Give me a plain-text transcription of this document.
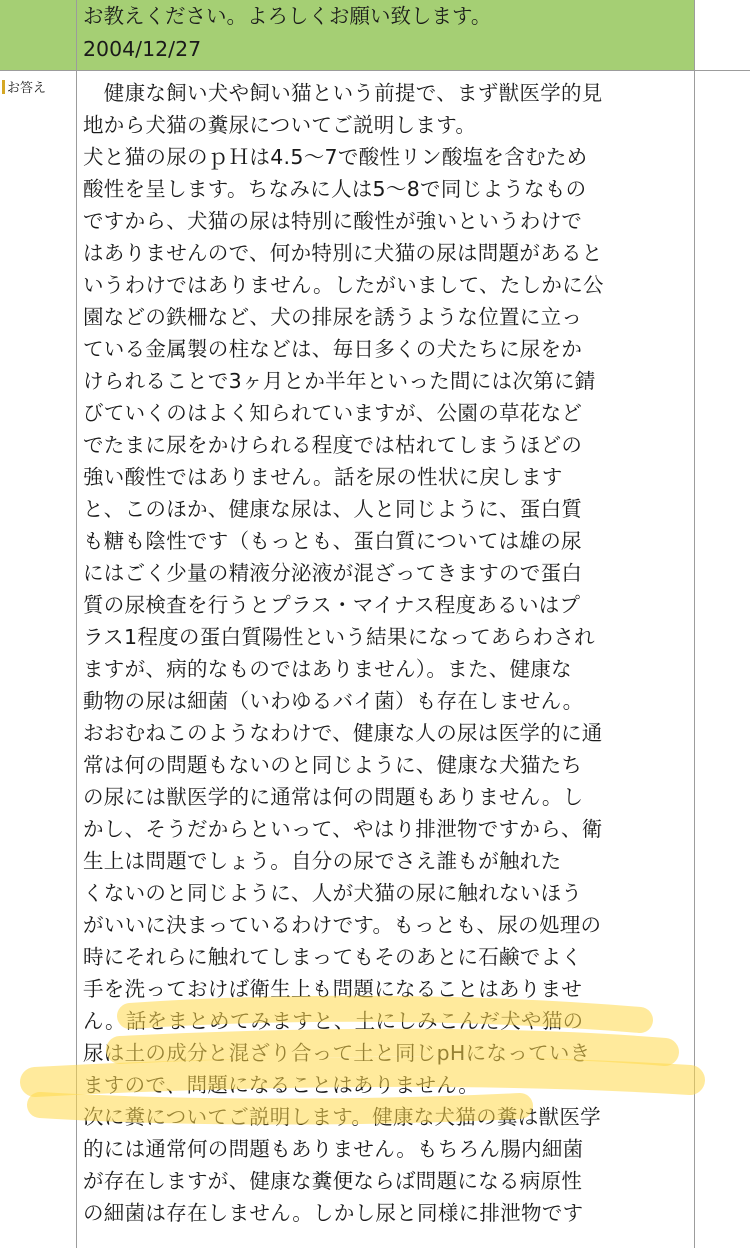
お教えください。よろしくお願い致します。
2004/12/27
お答え	　健康な飼い犬や飼い猫という前提で、まず獣医学的見
地から犬猫の糞尿についてご説明します。
犬と猫の尿のｐＨは4.5〜7で酸性リン酸塩を含むため
酸性を呈します。ちなみに人は5〜8で同じようなもの
ですから、犬猫の尿は特別に酸性が強いというわけで
はありませんので、何か特別に犬猫の尿は問題があると
いうわけではありません。したがいまして、たしかに公
園などの鉄柵など、犬の排尿を誘うような位置に立っ
ている金属製の柱などは、毎日多くの犬たちに尿をか
けられることで3ヶ月とか半年といった間には次第に錆
びていくのはよく知られていますが、公園の草花など
でたまに尿をかけられる程度では枯れてしまうほどの
強い酸性ではありません。話を尿の性状に戻します
と、このほか、健康な尿は、人と同じように、蛋白質
も糖も陰性です（もっとも、蛋白質については雄の尿
にはごく少量の精液分泌液が混ざってきますので蛋白
質の尿検査を行うとプラス・マイナス程度あるいはプ
ラス1程度の蛋白質陽性という結果になってあらわされ
ますが、病的なものではありません）。また、健康な
動物の尿は細菌（いわゆるバイ菌）も存在しません。
おおむねこのようなわけで、健康な人の尿は医学的に通
常は何の問題もないのと同じように、健康な犬猫たち
の尿には獣医学的に通常は何の問題もありません。し
かし、そうだからといって、やはり排泄物ですから、衛
生上は問題でしょう。自分の尿でさえ誰もが触れた
くないのと同じように、人が犬猫の尿に触れないほう
がいいに決まっているわけです。もっとも、尿の処理の
時にそれらに触れてしまってもそのあとに石鹸でよく
手を洗っておけば衛生上も問題になることはありませ
ん。話をまとめてみますと、土にしみこんだ犬や猫の
尿は土の成分と混ざり合って土と同じpHになっていき
ますので、問題になることはありません。
次に糞についてご説明します。健康な犬猫の糞は獣医学
的には通常何の問題もありません。もちろん腸内細菌
が存在しますが、健康な糞便ならば問題になる病原性
の細菌は存在しません。しかし尿と同様に排泄物です
